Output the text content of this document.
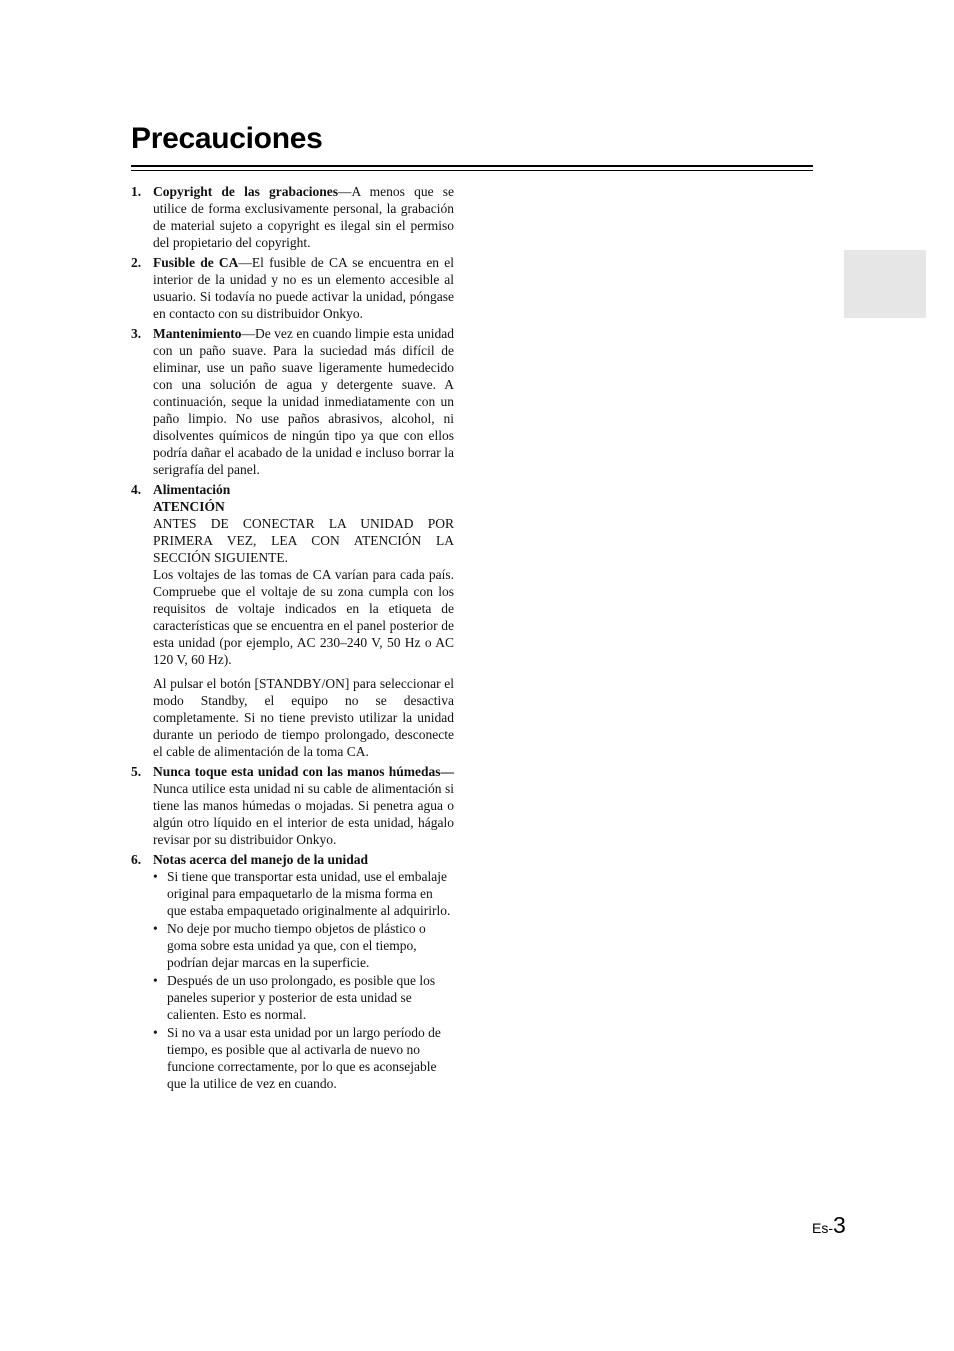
Precauciones
1. Copyright de las grabaciones—A menos que se utilice de forma exclusivamente personal, la grabación de material sujeto a copyright es ilegal sin el permiso del propietario del copyright.

2. Fusible de CA—El fusible de CA se encuentra en el interior de la unidad y no es un elemento accesible al usuario. Si todavía no puede activar la unidad, póngase en contacto con su distribuidor Onkyo.

3. Mantenimiento—De vez en cuando limpie esta unidad con un paño suave. Para la suciedad más difícil de eliminar, use un paño suave ligeramente humedecido con una solución de agua y detergente suave. A continuación, seque la unidad inmediatamente con un paño limpio. No use paños abrasivos, alcohol, ni disolventes químicos de ningún tipo ya que con ellos podría dañar el acabado de la unidad e incluso borrar la serigrafía del panel.

4. Alimentación

ATENCIÓN

ANTES DE CONECTAR LA UNIDAD POR PRIMERA VEZ, LEA CON ATENCIÓN LA SECCIÓN SIGUIENTE.

Los voltajes de las tomas de CA varían para cada país. Compruebe que el voltaje de su zona cumpla con los requisitos de voltaje indicados en la etiqueta de características que se encuentra en el panel posterior de esta unidad (por ejemplo, AC 230–240 V, 50 Hz o AC 120 V, 60 Hz).

Al pulsar el botón [STANDBY/ON] para seleccionar el modo Standby, el equipo no se desactiva completamente. Si no tiene previsto utilizar la unidad durante un periodo de tiempo prolongado, desconecte el cable de alimentación de la toma CA.

5. Nunca toque esta unidad con las manos húmedas—Nunca utilice esta unidad ni su cable de alimentación si tiene las manos húmedas o mojadas. Si penetra agua o algún otro líquido en el interior de esta unidad, hágalo revisar por su distribuidor Onkyo.

6. Notas acerca del manejo de la unidad

• Si tiene que transportar esta unidad, use el embalaje original para empaquetarlo de la misma forma en que estaba empaquetado originalmente al adquirirlo.
• No deje por mucho tiempo objetos de plástico o goma sobre esta unidad ya que, con el tiempo, podrían dejar marcas en la superficie.
• Después de un uso prolongado, es posible que los paneles superior y posterior de esta unidad se calienten. Esto es normal.
• Si no va a usar esta unidad por un largo período de tiempo, es posible que al activarla de nuevo no funcione correctamente, por lo que es aconsejable que la utilice de vez en cuando.
Es-3
